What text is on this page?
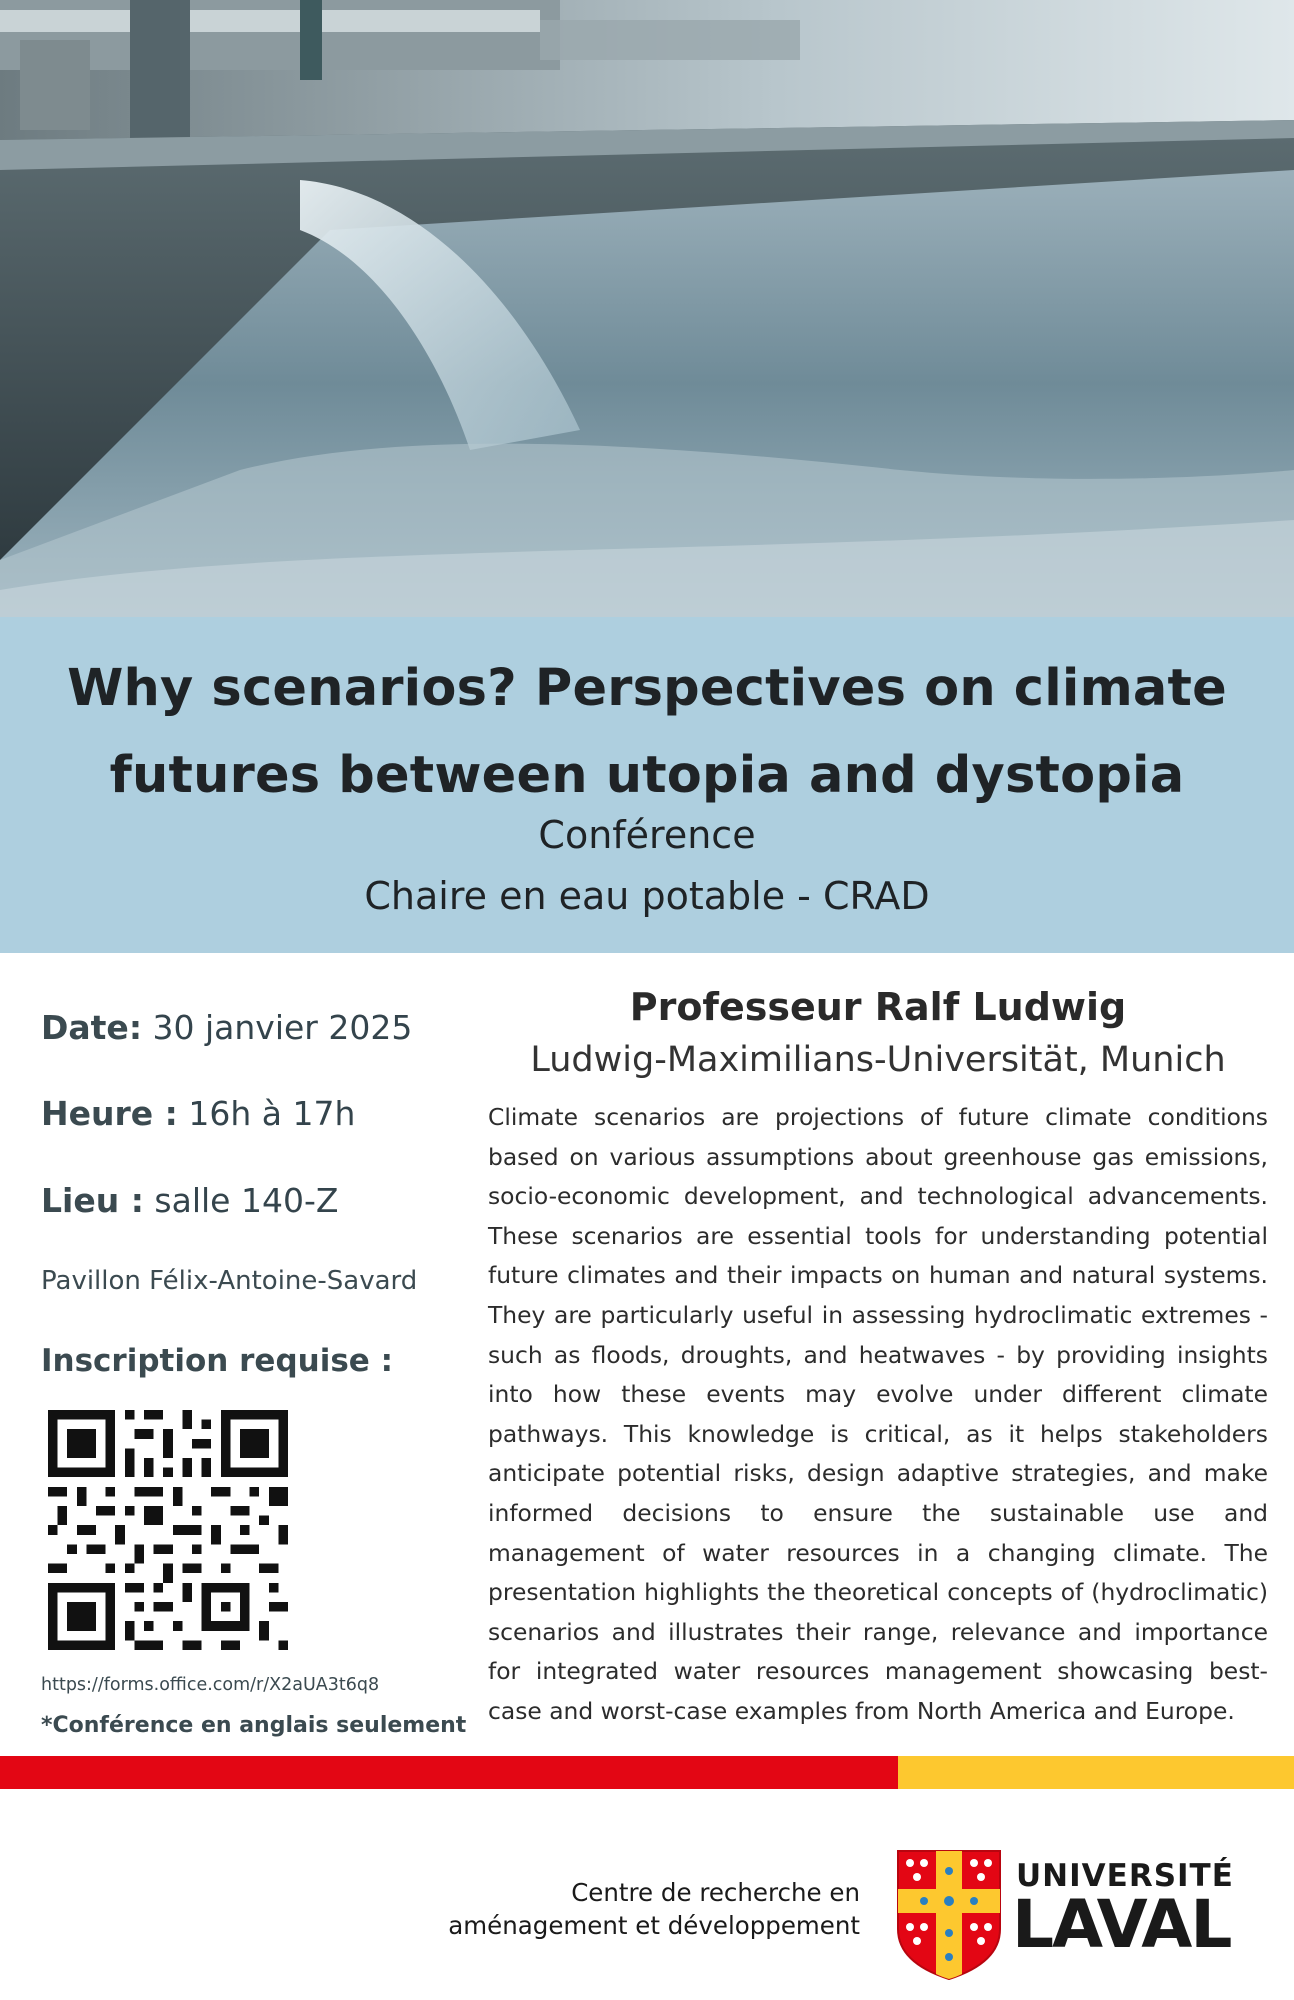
Why scenarios? Perspectives on climate futures between utopia and dystopia
Conférence
Chaire en eau potable - CRAD
Date: 30 janvier 2025
Heure : 16h à 17h
Lieu : salle 140-Z
Pavillon Félix-Antoine-Savard
Inscription requise :
https://forms.office.com/r/X2aUA3t6q8
*Conférence en anglais seulement
Professeur Ralf Ludwig
Ludwig-Maximilians-Universität, Munich
Climate scenarios are projections of future climate conditions based on various assumptions about greenhouse gas emissions, socio-economic development, and technological advancements. These scenarios are essential tools for understanding potential future climates and their impacts on human and natural systems. They are particularly useful in assessing hydroclimatic extremes - such as floods, droughts, and heatwaves - by providing insights into how these events may evolve under different climate pathways. This knowledge is critical, as it helps stakeholders anticipate potential risks, design adaptive strategies, and make informed decisions to ensure the sustainable use and management of water resources in a changing climate. The presentation highlights the theoretical concepts of (hydroclimatic) scenarios and illustrates their range, relevance and importance for integrated water resources management showcasing best-case and worst-case examples from North America and Europe.
Centre de recherche en
aménagement et développement
UNIVERSITÉ
LAVAL
